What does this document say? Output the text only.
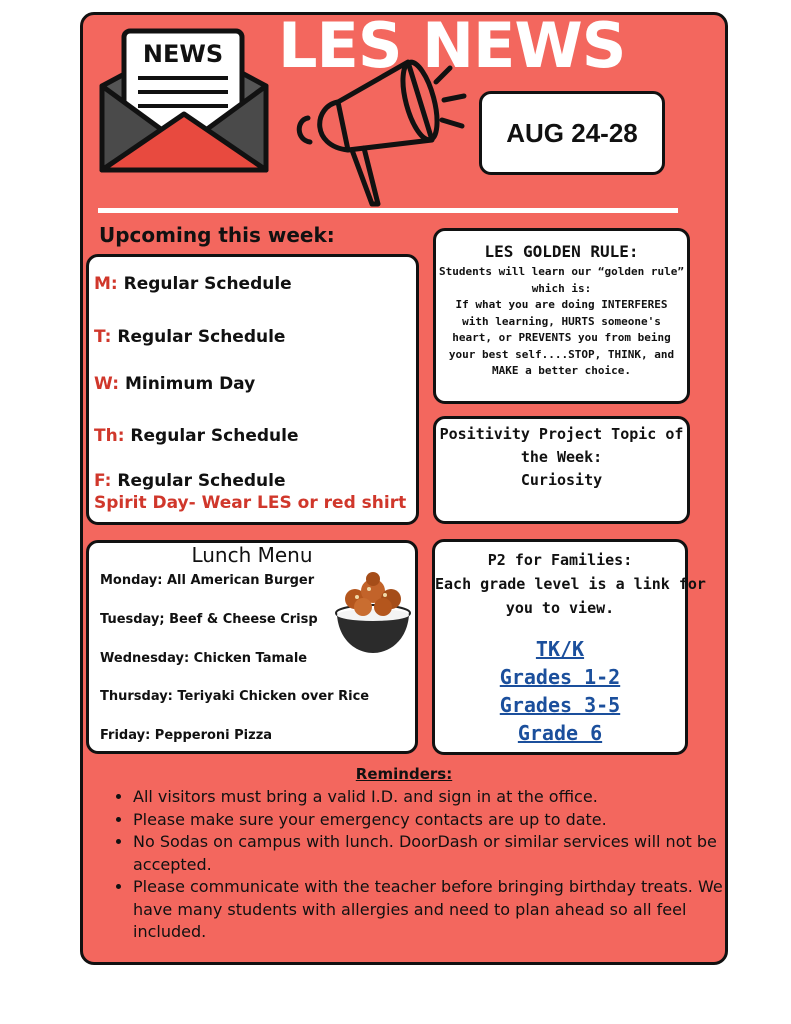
NEWS LES NEWS
AUG 24-28
Upcoming this week:
M: Regular Schedule
T: Regular Schedule
W: Minimum Day
Th: Regular Schedule
F: Regular Schedule
Spirit Day- Wear LES or red shirt
LES GOLDEN RULE:
Students will learn our “golden rule”
which is:
If what you are doing INTERFERES
with learning, HURTS someone's
heart, or PREVENTS you from being
your best self....STOP, THINK, and
MAKE a better choice.
Positivity Project Topic of
the Week:
Curiosity
Lunch Menu
Monday: All American Burger
Tuesday; Beef & Cheese Crisp
Wednesday: Chicken Tamale
Thursday: Teriyaki Chicken over Rice
Friday: Pepperoni Pizza
P2 for Families:
Each grade level is a link for
you to view.
TK/K
Grades 1-2
Grades 3-5
Grade 6
Reminders:
• All visitors must bring a valid I.D. and sign in at the office.
• Please make sure your emergency contacts are up to date.
• No Sodas on campus with lunch. DoorDash or similar services will not be accepted.
• Please communicate with the teacher before bringing birthday treats. We have many students with allergies and need to plan ahead so all feel included.
